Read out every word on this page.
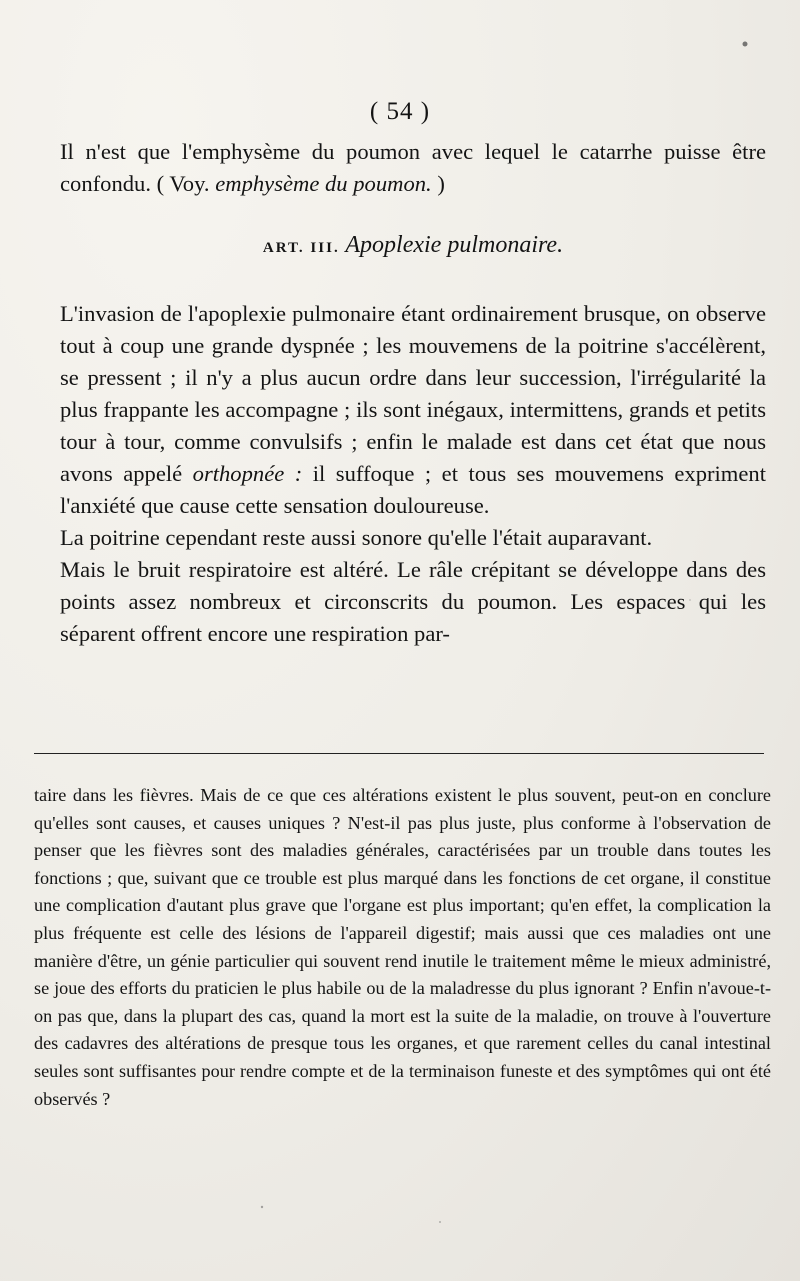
( 54 )

Il n'est que l'emphysème du poumon avec lequel le catarrhe puisse être confondu. ( Voy. emphysème du poumon. )

ART. III. Apoplexie pulmonaire.

L'invasion de l'apoplexie pulmonaire étant ordinairement brusque, on observe tout à coup une grande dyspnée ; les mouvemens de la poitrine s'accélèrent, se pressent ; il n'y a plus aucun ordre dans leur succession, l'irrégularité la plus frappante les accompagne ; ils sont inégaux, intermittens, grands et petits tour à tour, comme convulsifs ; enfin le malade est dans cet état que nous avons appelé orthopnée : il suffoque ; et tous ses mouvemens expriment l'anxiété que cause cette sensation douloureuse.

La poitrine cependant reste aussi sonore qu'elle l'était auparavant.

Mais le bruit respiratoire est altéré. Le râle crépitant se développe dans des points assez nombreux et circonscrits du poumon. Les espaces qui les séparent offrent encore une respiration par-

taire dans les fièvres. Mais de ce que ces altérations existent le plus souvent, peut-on en conclure qu'elles sont causes, et causes uniques ? N'est-il pas plus juste, plus conforme à l'observation de penser que les fièvres sont des maladies générales, caractérisées par un trouble dans toutes les fonctions ; que, suivant que ce trouble est plus marqué dans les fonctions de cet organe, il constitue une complication d'autant plus grave que l'organe est plus important; qu'en effet, la complication la plus fréquente est celle des lésions de l'appareil digestif; mais aussi que ces maladies ont une manière d'être, un génie particulier qui souvent rend inutile le traitement même le mieux administré, se joue des efforts du praticien le plus habile ou de la maladresse du plus ignorant ? Enfin n'avoue-t-on pas que, dans la plupart des cas, quand la mort est la suite de la maladie, on trouve à l'ouverture des cadavres des altérations de presque tous les organes, et que rarement celles du canal intestinal seules sont suffisantes pour rendre compte et de la terminaison funeste et des symptômes qui ont été observés ?
